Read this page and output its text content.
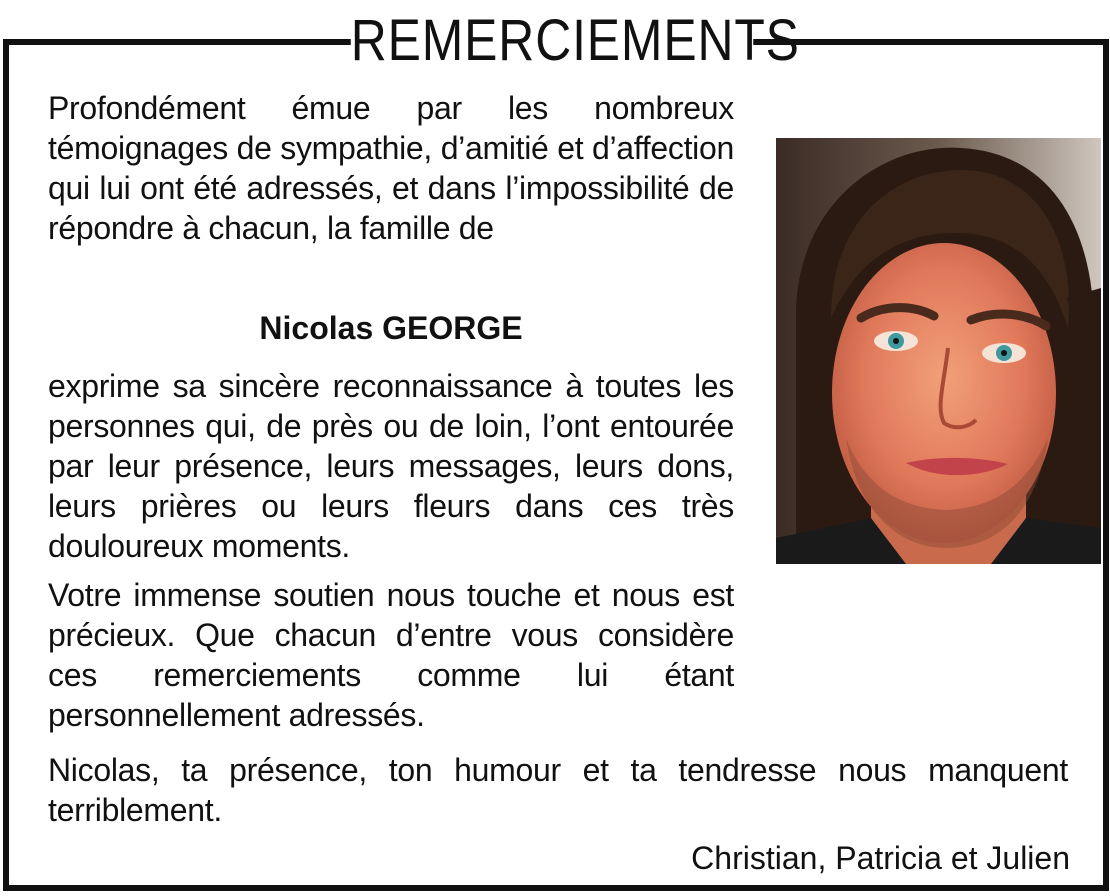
REMERCIEMENTS
Profondément émue par les nombreux témoignages de sympathie, d’amitié et d’affection qui lui ont été adressés, et dans l’impossibilité de répondre à chacun, la famille de
Nicolas GEORGE
exprime sa sincère reconnaissance à toutes les personnes qui, de près ou de loin, l’ont entourée par leur présence, leurs messages, leurs dons, leurs prières ou leurs fleurs dans ces très douloureux moments.
Votre immense soutien nous touche et nous est précieux. Que chacun d’entre vous considère ces remerciements comme lui étant personnellement adressés.
Nicolas, ta présence, ton humour et ta tendresse nous manquent terriblement.
Christian, Patricia et Julien
